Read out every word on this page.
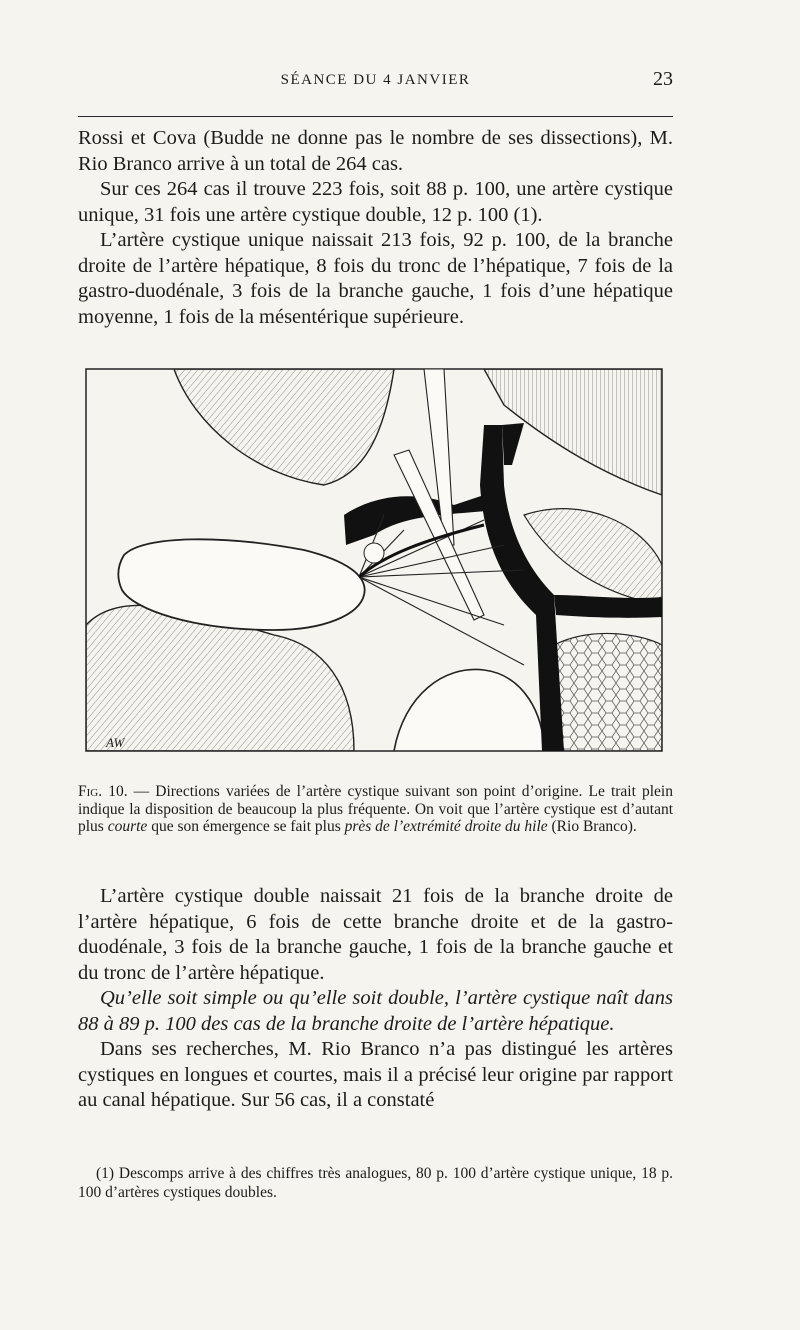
SÉANCE DU 4 JANVIER	23

Rossi et Cova (Budde ne donne pas le nombre de ses dissections), M. Rio Branco arrive à un total de 264 cas.

Sur ces 264 cas il trouve 223 fois, soit 88 p. 100, une artère cystique unique, 31 fois une artère cystique double, 12 p. 100 (1).

L’artère cystique unique naissait 213 fois, 92 p. 100, de la branche droite de l’artère hépatique, 8 fois du tronc de l’hépatique, 7 fois de la gastro-duodénale, 3 fois de la branche gauche, 1 fois d’une hépatique moyenne, 1 fois de la mésentérique supérieure.

AW

Fig. 10. — Directions variées de l’artère cystique suivant son point d’origine. Le trait plein indique la disposition de beaucoup la plus fréquente. On voit que l’artère cystique est d’autant plus courte que son émergence se fait plus près de l’extrémité droite du hile (Rio Branco).

L’artère cystique double naissait 21 fois de la branche droite de l’artère hépatique, 6 fois de cette branche droite et de la gastro-duodénale, 3 fois de la branche gauche, 1 fois de la branche gauche et du tronc de l’artère hépatique.

Qu’elle soit simple ou qu’elle soit double, l’artère cystique naît dans 88 à 89 p. 100 des cas de la branche droite de l’artère hépatique.

Dans ses recherches, M. Rio Branco n’a pas distingué les artères cystiques en longues et courtes, mais il a précisé leur origine par rapport au canal hépatique. Sur 56 cas, il a constaté

(1) Descomps arrive à des chiffres très analogues, 80 p. 100 d’artère cystique unique, 18 p. 100 d’artères cystiques doubles.
